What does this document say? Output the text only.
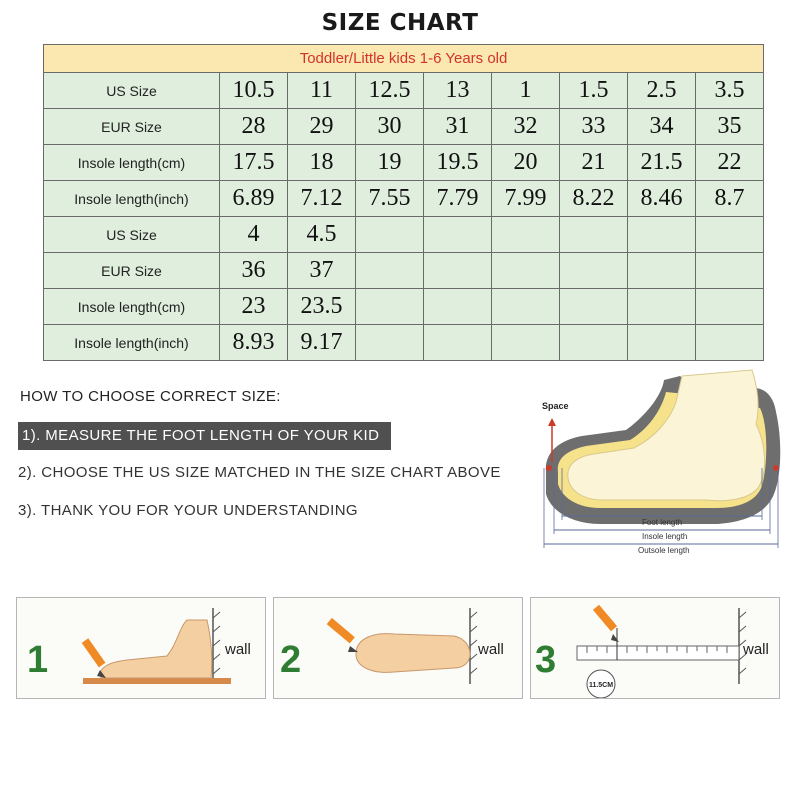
SIZE CHART
Toddler/Little kids 1-6 Years old								
US Size	10.5	11	12.5	13	1	1.5	2.5	3.5
EUR Size	28	29	30	31	32	33	34	35
Insole length(cm)	17.5	18	19	19.5	20	21	21.5	22
Insole length(inch)	6.89	7.12	7.55	7.79	7.99	8.22	8.46	8.7
US Size	4	4.5						
EUR Size	36	37						
Insole length(cm)	23	23.5						
Insole length(inch)	8.93	9.17						
HOW TO CHOOSE CORRECT SIZE:
1). MEASURE THE FOOT LENGTH OF YOUR KID
2). CHOOSE THE US SIZE MATCHED IN THE SIZE CHART ABOVE
3). THANK YOU FOR YOUR UNDERSTANDING
Space
Foot length
Insole length
Outsole length
1	wall 2	wall 3	wall
11.5CM
